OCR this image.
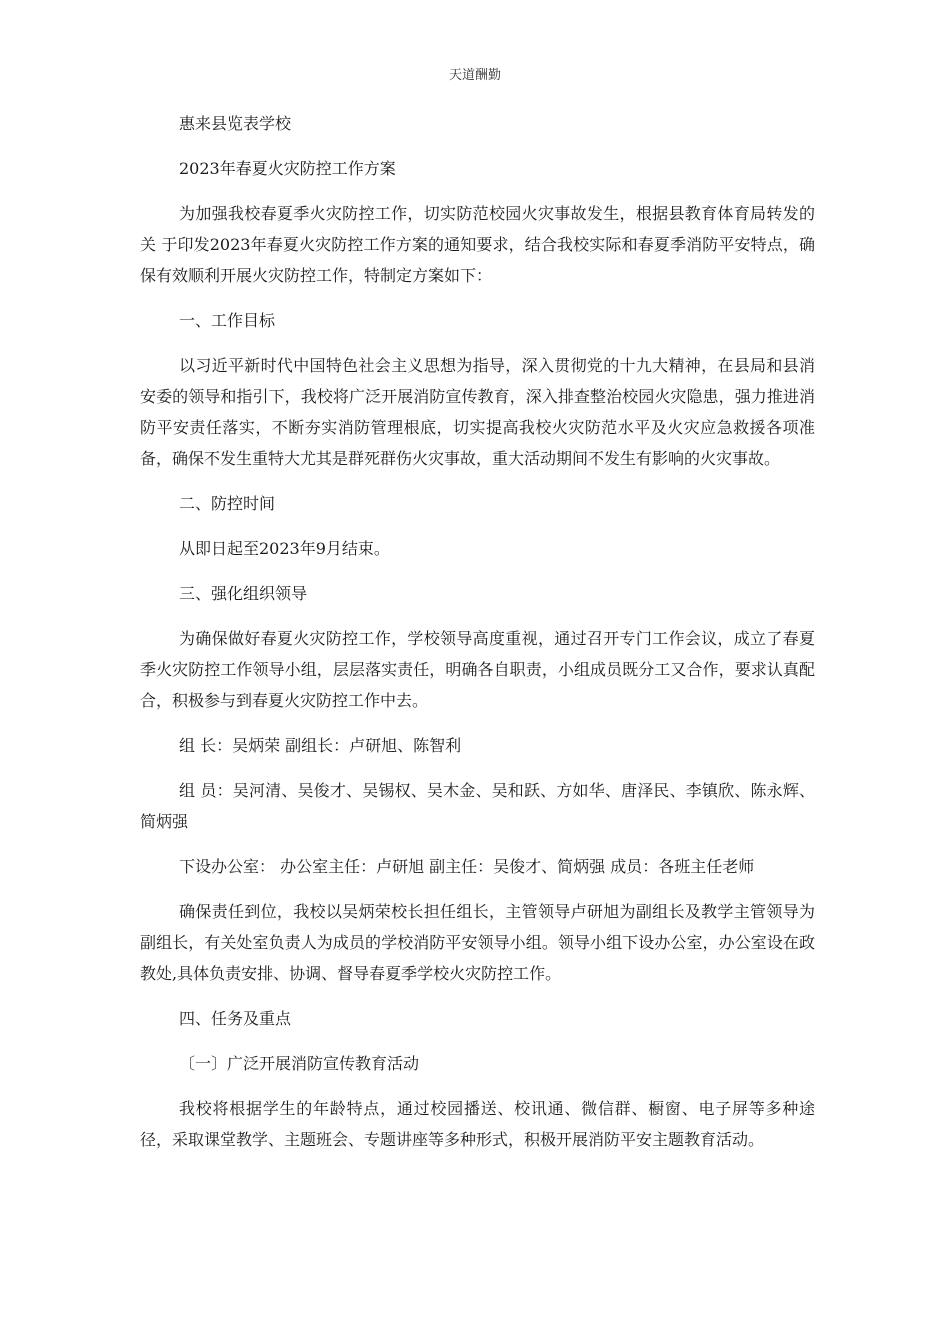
天道酬勤

惠来县览表学校

2023年春夏火灾防控工作方案

为加强我校春夏季火灾防控工作，切实防范校园火灾事故发生，根据县教育体育局转发的关 于印发2023年春夏火灾防控工作方案的通知要求，结合我校实际和春夏季消防平安特点，确保有效顺利开展火灾防控工作，特制定方案如下：

一、工作目标

以习近平新时代中国特色社会主义思想为指导，深入贯彻党的十九大精神，在县局和县消安委的领导和指引下，我校将广泛开展消防宣传教育，深入排查整治校园火灾隐患，强力推进消防平安责任落实，不断夯实消防管理根底，切实提高我校火灾防范水平及火灾应急救援各项准备，确保不发生重特大尤其是群死群伤火灾事故，重大活动期间不发生有影响的火灾事故。

二、防控时间

从即日起至2023年9月结束。

三、强化组织领导

为确保做好春夏火灾防控工作，学校领导高度重视，通过召开专门工作会议，成立了春夏季火灾防控工作领导小组，层层落实责任，明确各自职责，小组成员既分工又合作，要求认真配合，积极参与到春夏火灾防控工作中去。

组 长：吴炳荣 副组长：卢研旭、陈智利

组 员：吴河清、吴俊才、吴锡权、吴木金、吴和跃、方如华、唐泽民、李镇欣、陈永辉、简炳强

下设办公室： 办公室主任：卢研旭 副主任：吴俊才、简炳强 成员：各班主任老师

确保责任到位，我校以吴炳荣校长担任组长，主管领导卢研旭为副组长及教学主管领导为副组长，有关处室负责人为成员的学校消防平安领导小组。领导小组下设办公室，办公室设在政教处,具体负责安排、协调、督导春夏季学校火灾防控工作。

四、任务及重点

〔一〕广泛开展消防宣传教育活动

我校将根据学生的年龄特点，通过校园播送、校讯通、微信群、橱窗、电子屏等多种途径，采取课堂教学、主题班会、专题讲座等多种形式，积极开展消防平安主题教育活动。
